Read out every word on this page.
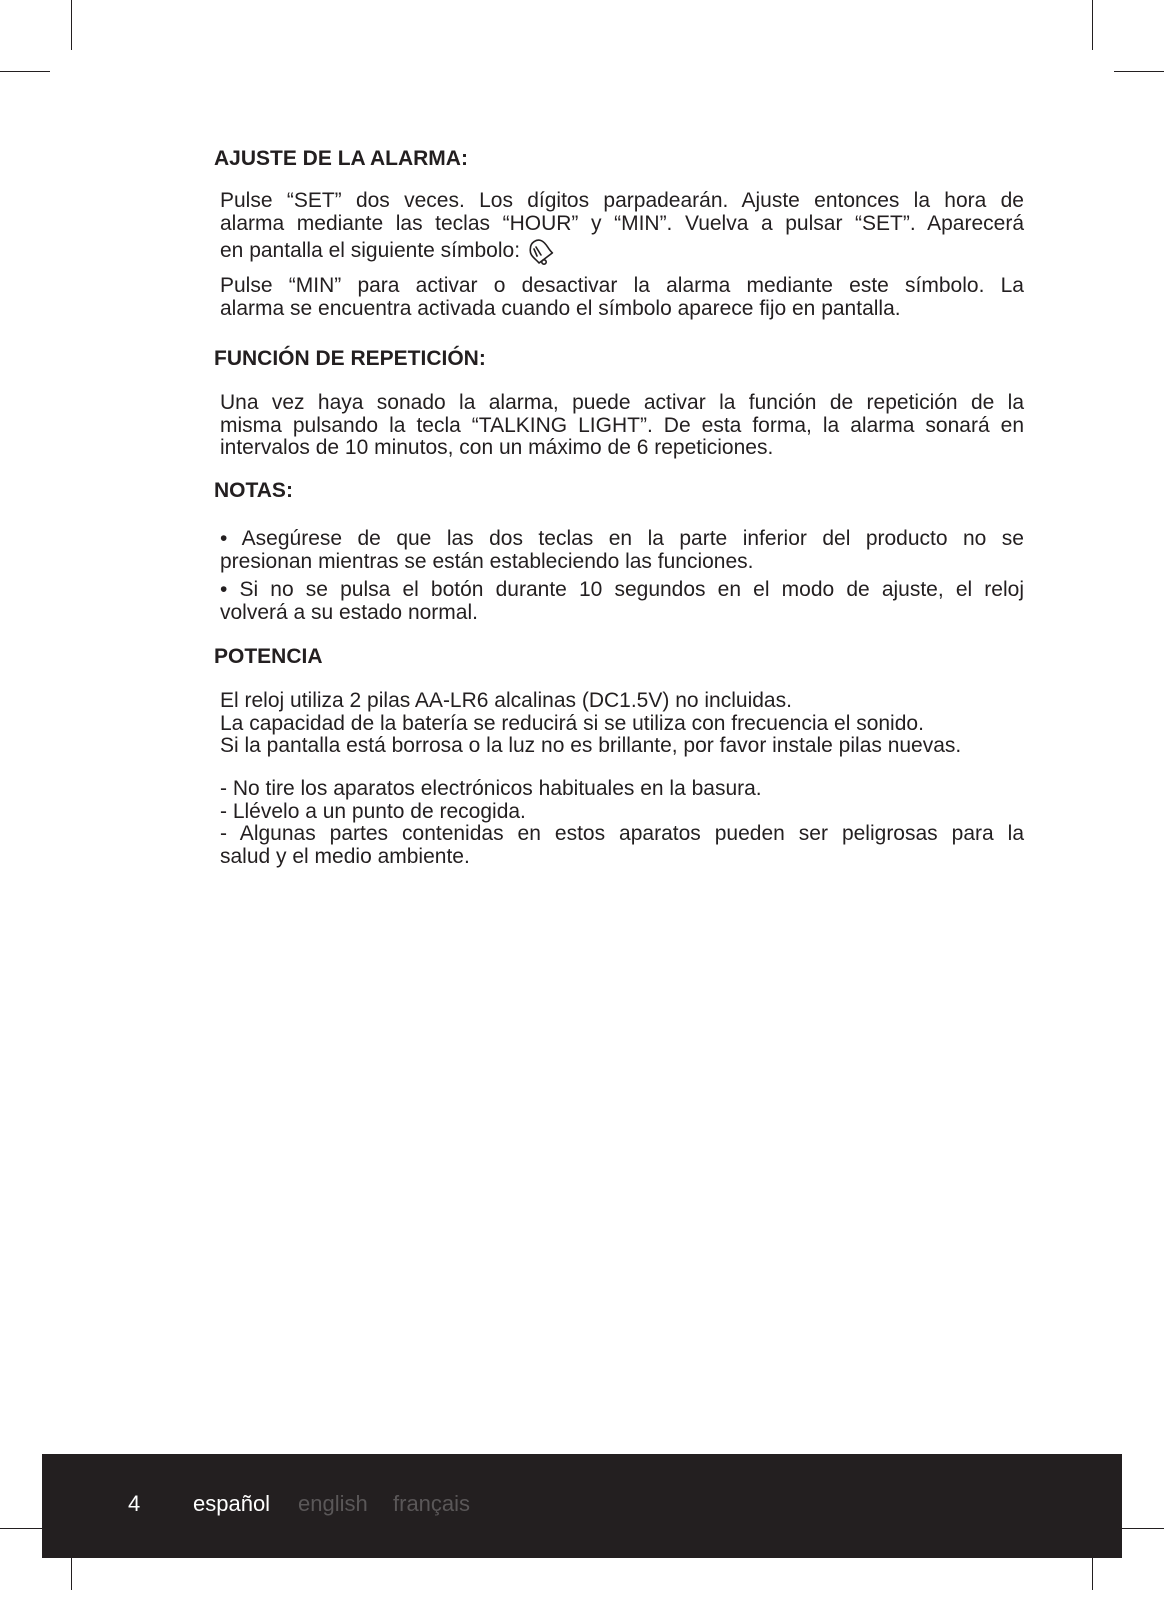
AJUSTE DE LA ALARMA:
Pulse “SET” dos veces. Los dígitos parpadearán. Ajuste entonces la hora de
alarma mediante las teclas “HOUR” y “MIN”. Vuelva a pulsar “SET”. Aparecerá
en pantalla el siguiente símbolo:
Pulse “MIN” para activar o desactivar la alarma mediante este símbolo. La
alarma se encuentra activada cuando el símbolo aparece fijo en pantalla.
FUNCIÓN DE REPETICIÓN:
Una vez haya sonado la alarma, puede activar la función de repetición de la
misma pulsando la tecla “TALKING LIGHT”. De esta forma, la alarma sonará en
intervalos de 10 minutos, con un máximo de 6 repeticiones.
NOTAS:
• Asegúrese de que las dos teclas en la parte inferior del producto no se
presionan mientras se están estableciendo las funciones.
• Si no se pulsa el botón durante 10 segundos en el modo de ajuste, el reloj
volverá a su estado normal.
POTENCIA
El reloj utiliza 2 pilas AA-LR6 alcalinas (DC1.5V) no incluidas.
La capacidad de la batería se reducirá si se utiliza con frecuencia el sonido.
Si la pantalla está borrosa o la luz no es brillante, por favor instale pilas nuevas.
- No tire los aparatos electrónicos habituales en la basura.
- Llévelo a un punto de recogida.
- Algunas partes contenidas en estos aparatos pueden ser peligrosas para la
salud y el medio ambiente.
4 español english français
